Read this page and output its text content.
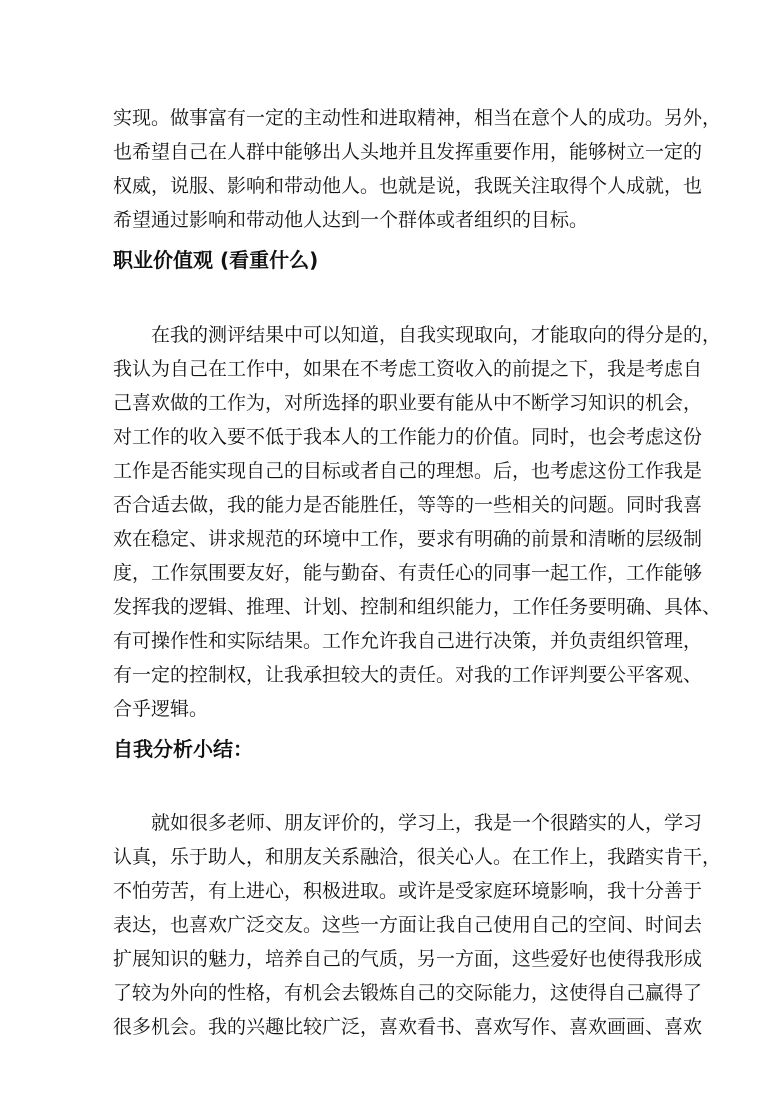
实现。做事富有一定的主动性和进取精神，相当在意个人的成功。另外，
也希望自己在人群中能够出人头地并且发挥重要作用，能够树立一定的
权威，说服、影响和带动他人。也就是说，我既关注取得个人成就，也
希望通过影响和带动他人达到一个群体或者组织的目标。
职业价值观 (看重什么)
在我的测评结果中可以知道，自我实现取向，才能取向的得分是的，
我认为自己在工作中，如果在不考虑工资收入的前提之下，我是考虑自
己喜欢做的工作为，对所选择的职业要有能从中不断学习知识的机会，
对工作的收入要不低于我本人的工作能力的价值。同时，也会考虑这份
工作是否能实现自己的目标或者自己的理想。后，也考虑这份工作我是
否合适去做，我的能力是否能胜任，等等的一些相关的问题。同时我喜
欢在稳定、讲求规范的环境中工作，要求有明确的前景和清晰的层级制
度，工作氛围要友好，能与勤奋、有责任心的同事一起工作，工作能够
发挥我的逻辑、推理、计划、控制和组织能力，工作任务要明确、具体、
有可操作性和实际结果。工作允许我自己进行决策，并负责组织管理，
有一定的控制权，让我承担较大的责任。对我的工作评判要公平客观、
合乎逻辑。
自我分析小结：
就如很多老师、朋友评价的，学习上，我是一个很踏实的人，学习
认真，乐于助人，和朋友关系融洽，很关心人。在工作上，我踏实肯干，
不怕劳苦，有上进心，积极进取。或许是受家庭环境影响，我十分善于
表达，也喜欢广泛交友。这些一方面让我自己使用自己的空间、时间去
扩展知识的魅力，培养自己的气质，另一方面，这些爱好也使得我形成
了较为外向的性格，有机会去锻炼自己的交际能力，这使得自己赢得了
很多机会。我的兴趣比较广泛，喜欢看书、喜欢写作、喜欢画画、喜欢
